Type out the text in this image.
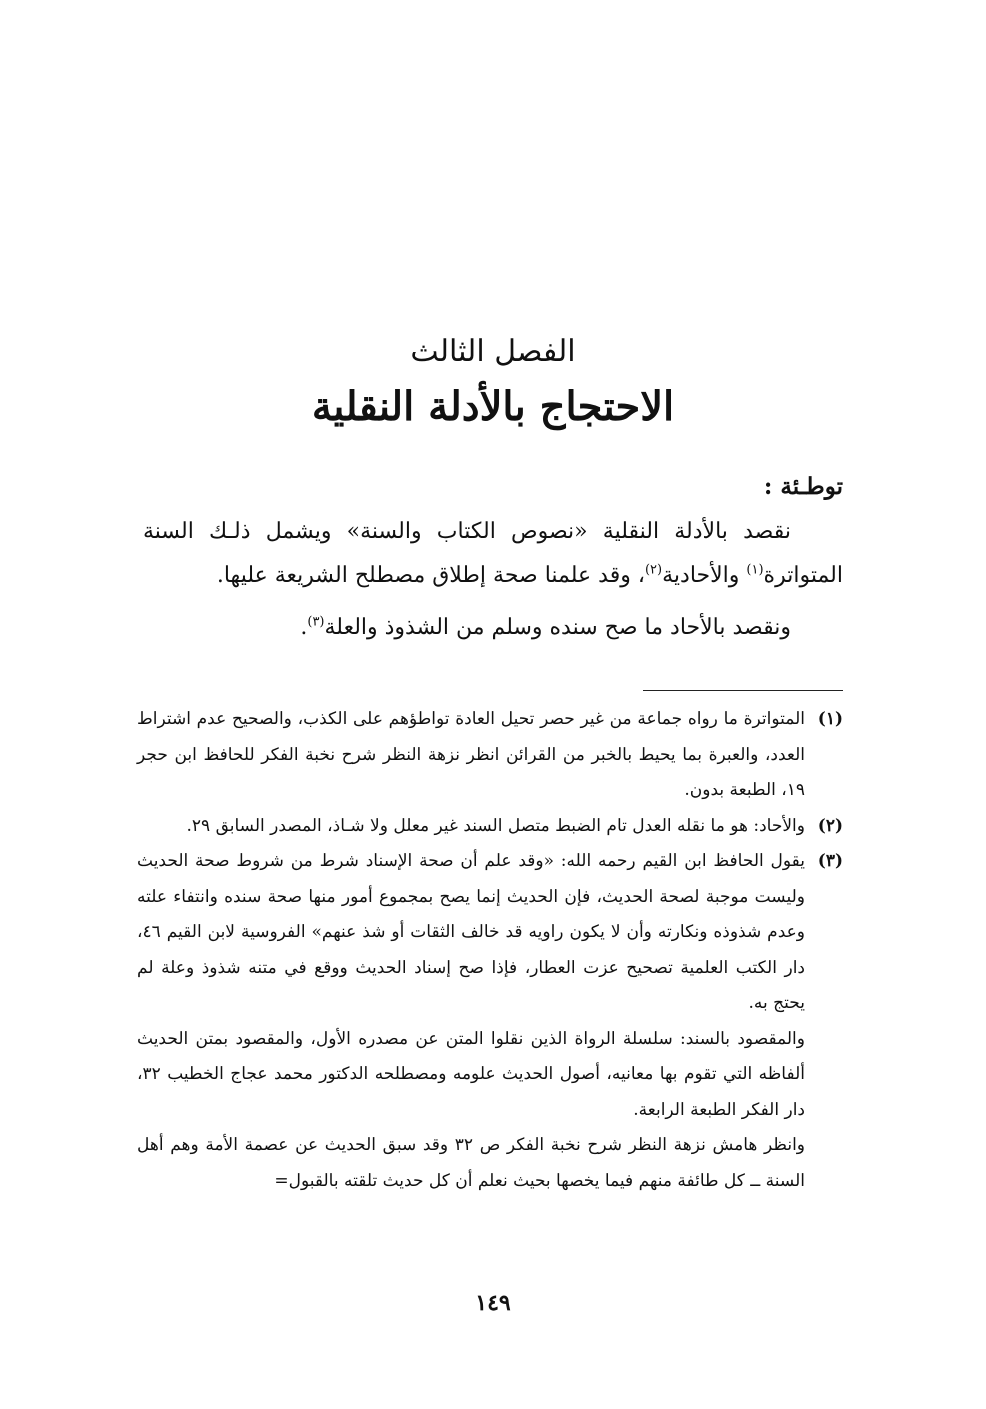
الفصل الثالث
الاحتجاج بالأدلة النقلية
توطـئة :

نقصد بالأدلة النقلية «نصوص الكتاب والسنة» ويشمل ذلـك السنة المتواترة$^{(١)}$ والأحادية$^{(٢)}$، وقد علمنا صحة إطلاق مصطلح الشريعة عليها.

ونقصد بالأحاد ما صح سنده وسلم من الشذوذ والعلة$^{(٣)}$.

(١)
المتواترة ما رواه جماعة من غير حصر تحيل العادة تواطؤهم على الكذب، والصحيح عدم اشتراط العدد، والعبرة بما يحيط بالخبر من القرائن انظر نزهة النظر شرح نخبة الفكر للحافظ ابن حجر ١٩، الطبعة بدون.
(٢)
والأحاد: هو ما نقله العدل تام الضبط متصل السند غير معلل ولا شـاذ، المصدر السابق ٢٩.
(٣)
يقول الحافظ ابن القيم رحمه الله: «وقد علم أن صحة الإسناد شرط من شروط صحة الحديث وليست موجبة لصحة الحديث، فإن الحديث إنما يصح بمجموع أمور منها صحة سنده وانتفاء علته وعدم شذوذه ونكارته وأن لا يكون راويه قد خالف الثقات أو شذ عنهم» الفروسية لابن القيم ٤٦، دار الكتب العلمية تصحيح عزت العطار، فإذا صح إسناد الحديث ووقع في متنه شذوذ وعلة لم يحتج به.
والمقصود بالسند: سلسلة الرواة الذين نقلوا المتن عن مصدره الأول، والمقصود بمتن الحديث ألفاظه التي تقوم بها معانيه، أصول الحديث علومه ومصطلحه الدكتور محمد عجاج الخطيب ٣٢، دار الفكر الطبعة الرابعة.
وانظر هامش نزهة النظر شرح نخبة الفكر ص ٣٢ وقد سبق الحديث عن عصمة الأمة وهم أهل السنة ــ كل طائفة منهم فيما يخصها بحيث نعلم أن كل حديث تلقته بالقبول=
١٤٩
